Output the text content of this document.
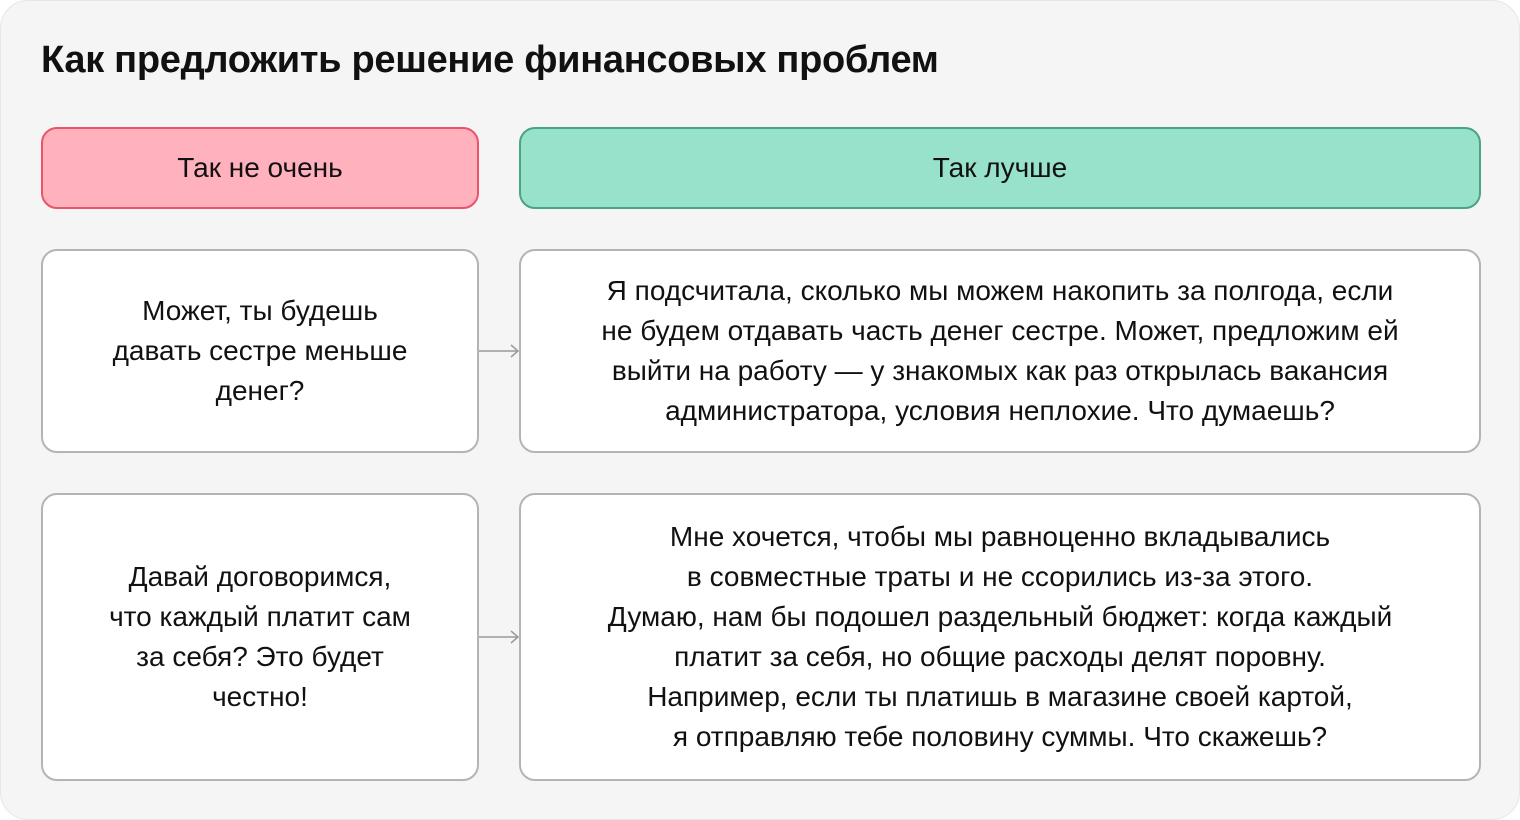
Как предложить решение финансовых проблем
Так не очень	Так лучше
Может, ты будешь
давать сестре меньше
денег?
Я подсчитала, сколько мы можем накопить за полгода, если
не будем отдавать часть денег сестре. Может, предложим ей
выйти на работу — у знакомых как раз открылась вакансия
администратора, условия неплохие. Что думаешь?
Давай договоримся,
что каждый платит сам
за себя? Это будет
честно!
Мне хочется, чтобы мы равноценно вкладывались
в совместные траты и не ссорились из-за этого.
Думаю, нам бы подошел раздельный бюджет: когда каждый
платит за себя, но общие расходы делят поровну.
Например, если ты платишь в магазине своей картой,
я отправляю тебе половину суммы. Что скажешь?
